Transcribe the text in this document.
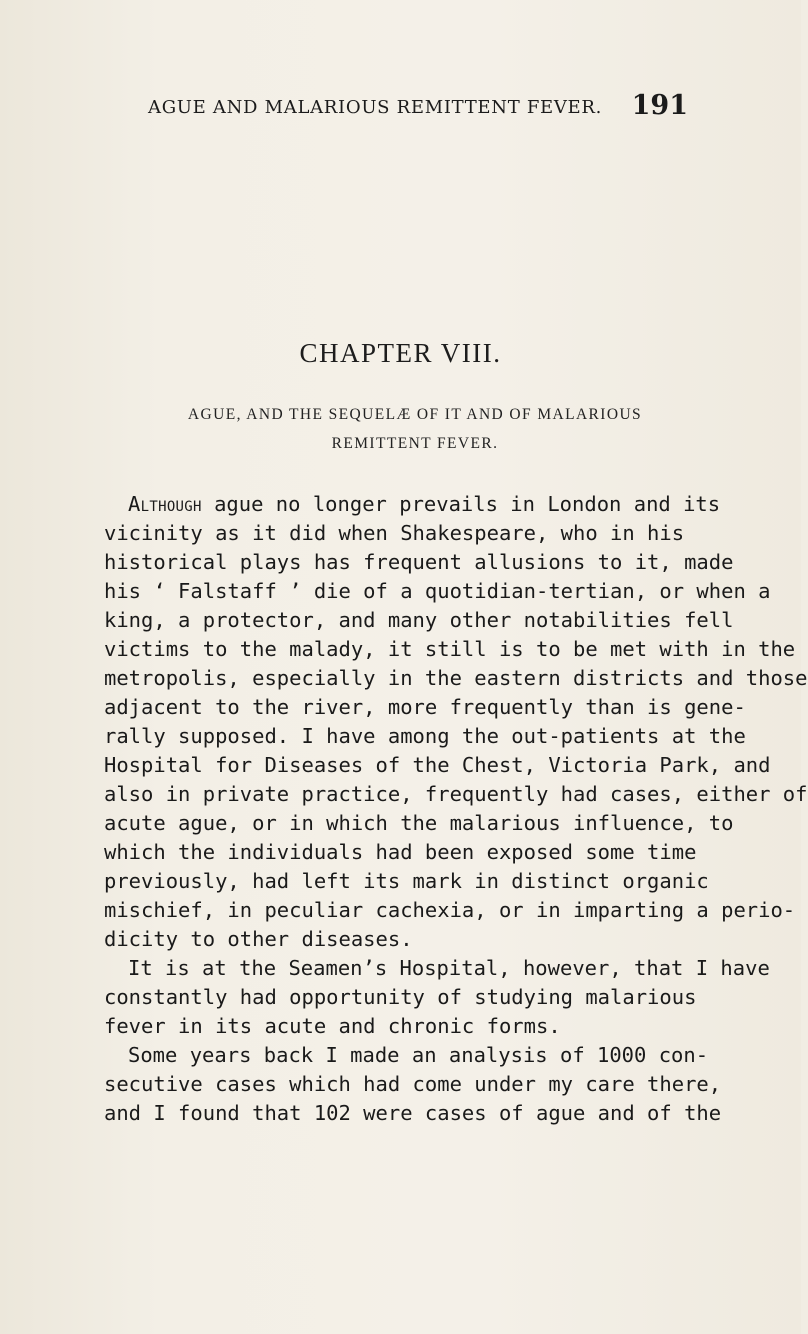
AGUE AND MALARIOUS REMITTENT FEVER. 191
CHAPTER VIII.
AGUE, AND THE SEQUELÆ OF IT AND OF MALARIOUS
REMITTENT FEVER.
Although ague no longer prevails in London and its
vicinity as it did when Shakespeare, who in his
historical plays has frequent allusions to it, made
his ‘ Falstaff ’ die of a quotidian-tertian, or when a
king, a protector, and many other notabilities fell
victims to the malady, it still is to be met with in the
metropolis, especially in the eastern districts and those
adjacent to the river, more frequently than is gene-
rally supposed. I have among the out-patients at the
Hospital for Diseases of the Chest, Victoria Park, and
also in private practice, frequently had cases, either of
acute ague, or in which the malarious influence, to
which the individuals had been exposed some time
previously, had left its mark in distinct organic
mischief, in peculiar cachexia, or in imparting a perio-
dicity to other diseases.
It is at the Seamen’s Hospital, however, that I have
constantly had opportunity of studying malarious
fever in its acute and chronic forms.
Some years back I made an analysis of 1000 con-
secutive cases which had come under my care there,
and I found that 102 were cases of ague and of the
